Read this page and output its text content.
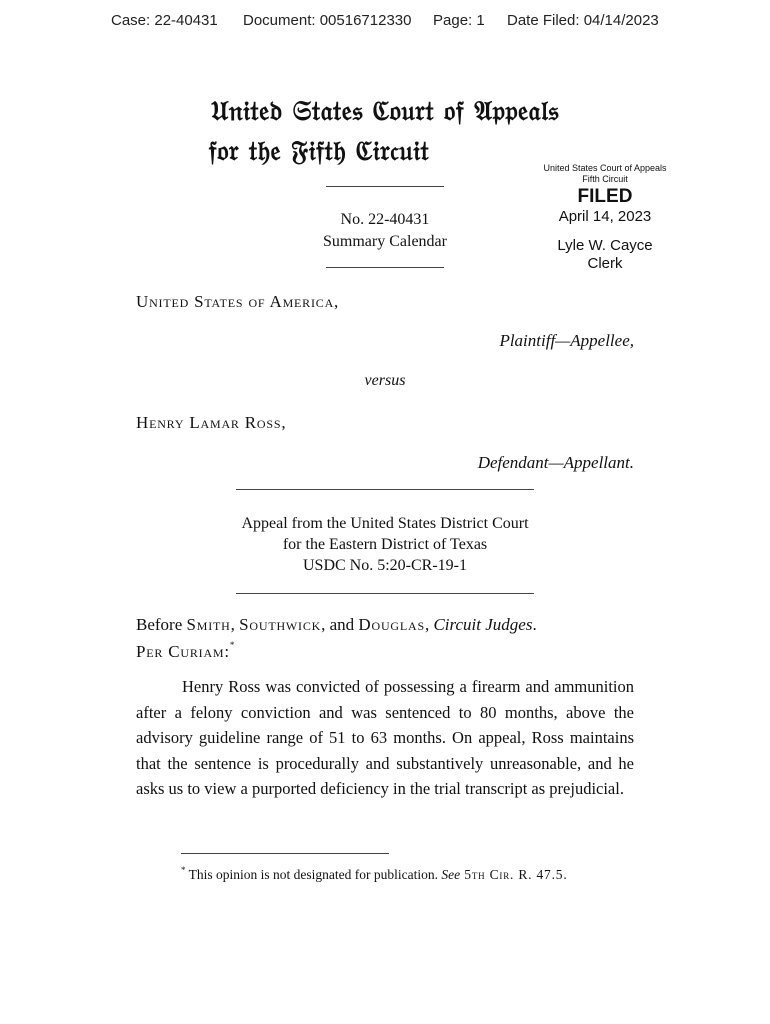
Case: 22-40431 Document: 00516712330 Page: 1 Date Filed: 04/14/2023
𝔘𝔫𝔦𝔱𝔢𝔡 𝔖𝔱𝔞𝔱𝔢𝔰 ℭ𝔬𝔲𝔯𝔱 𝔬𝔣 𝔄𝔭𝔭𝔢𝔞𝔩𝔰
𝔣𝔬𝔯 𝔱𝔥𝔢 𝔉𝔦𝔣𝔱𝔥 ℭ𝔦𝔯𝔠𝔲𝔦𝔱
United States Court of Appeals
Fifth Circuit
FILED
April 14, 2023
Lyle W. Cayce
Clerk
No. 22-40431
Summary Calendar
United States of America,
Plaintiff—Appellee,
versus
Henry Lamar Ross,
Defendant—Appellant.
Appeal from the United States District Court
for the Eastern District of Texas
USDC No. 5:20-CR-19-1
Before Smith, Southwick, and Douglas, Circuit Judges.
Per Curiam:*

Henry Ross was convicted of possessing a firearm and ammunition after a felony conviction and was sentenced to 80 months, above the advisory guideline range of 51 to 63 months. On appeal, Ross maintains that the sentence is procedurally and substantively unreasonable, and he asks us to view a purported deficiency in the trial transcript as prejudicial.

* This opinion is not designated for publication. See 5th Cir. R. 47.5.
